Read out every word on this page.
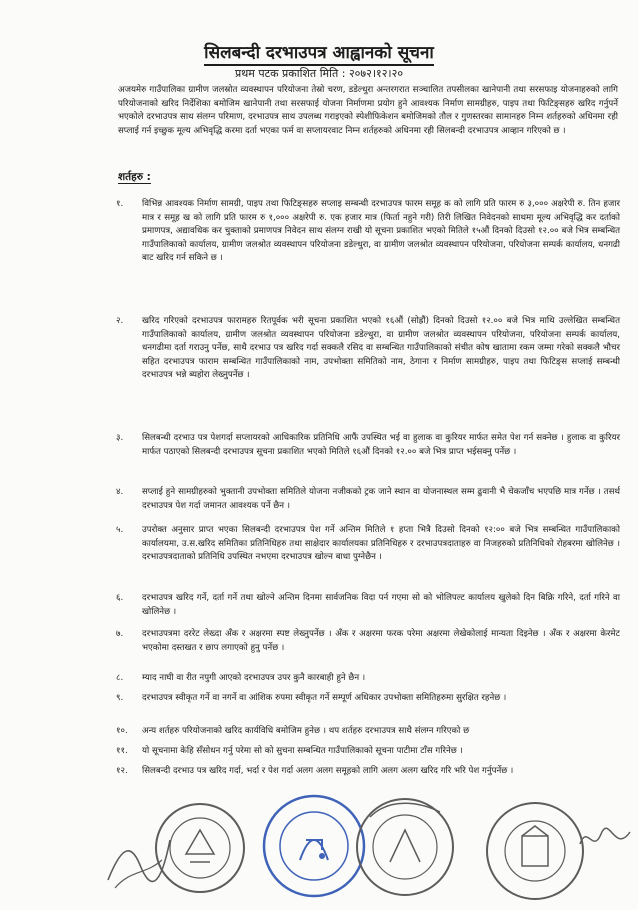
सिलबन्दी दरभाउपत्र आह्वानको सूचना
प्रथम पटक प्रकाशित मिति : २०७२।१२।२०
अजयमेरु गाउँपालिका ग्रामीण जलस्रोत व्यवस्थापन परियोजना तेस्रो चरण, डडेल्धुरा अन्तरगरात सञ्चालित तपसीलका खानेपानी तथा सरसफाइ योजनाहरुको लागि परियोजनाको खरिद निर्देशिका बमोजिम खानेपानी तथा सरसफाई योजना निर्माणमा प्रयोग हुने आवश्यक निर्माण सामग्रीहरु, पाइप तथा फिटिङ्सहरु खरिद गर्नुपर्ने भएकोले दरभाउपत्र साथ संलग्न परिमाण, दरभाउपत्र साथ उपलब्ध गराइएको स्पेशीफिकेशन बमोजिमको तौल र गुणस्तरका सामानहरु निम्न शर्तहरुको अधिनमा रही सप्लाई गर्न इच्छुक मूल्य अभिवृद्धि करमा दर्ता भएका फर्म वा सप्लायरवाट निम्न शर्तहरुको अधिनमा रही सिलबन्दी दरभाउपत्र आव्हान गरिएको छ ।
शर्तहरु :
१.	विभिन्न आवश्यक निर्माण सामग्री, पाइप तथा फिटिङ्सहरु सप्लाइ सम्बन्धी दरभाउपत्र फारम समूह क को लागि प्रति फारम रु ३,००० अक्षरेपी रु. तिन हजार मात्र र समूह ख को लागि प्रति फारम रु १,००० अक्षरेपी रु. एक हजार मात्र (फिर्ता नहुने गरी) तिरी लिखित निवेदनको साथमा मूल्य अभिवृद्धि कर दर्ताको प्रमाणपत्र, अद्यावधिक कर चुक्ताको प्रमाणपत्र निवेदन साथ संलग्न राखी यो सूचना प्रकाशित भएको मितिले १५औं दिनको दिउसो १२.०० बजे भित्र सम्बन्धित गाउँपालिकाको कार्यालय, ग्रामीण जलश्रोत व्यवस्थापन परियोजना डडेल्धुरा, वा ग्रामीण जलश्रोत व्यवस्थापन परियोजना, परियोजना सम्पर्क कार्यालय, धनगढी बाट खरिद गर्न सकिने छ ।
२.	खरिद गरिएको दरभाउपत्र फारामहरु रितपूर्वक भरी सूचना प्रकाशित भएको १६औं (सोह्रौं) दिनको दिउसो १२.०० बजे भित्र माथि उल्लेखित सम्बन्धित गाउँपालिकाको कार्यालय, ग्रामीण जलश्रोत व्यवस्थापन परियोजना डडेल्धुरा, वा ग्रामीण जलश्रोत व्यवस्थापन परियोजना, परियोजना सम्पर्क कार्यालय, धनगढीमा दर्ता गराउनु पर्नेछ, साथै दरभाउ पत्र खरिद गर्दा सक्कलै रसिद वा सम्बन्धित गाउँपालिकाको संचीत कोष खातामा रकम जम्मा गरेको सक्कलै भौचर सहित दरभाउपत्र फाराम सम्बन्धित गाउँपालिकाको नाम, उपभोक्ता समितिको नाम, ठेगाना र निर्माण सामग्रीहरु, पाइप तथा फिटिङ्स सप्लाई सम्बन्धी दरभाउपत्र भन्ने ब्यहोरा लेख्नुपर्नेछ ।
३.	सिलबन्धी दरभाउ पत्र पेशगर्दा सप्लायरको आधिकारिक प्रतिनिधि आफैं उपस्थित भई वा हुलाक वा कुरियर मार्फत समेत पेश गर्न सक्नेछ । हुलाक वा कुरियर मार्फत पठाएको सिलबन्दी दरभाउपत्र सूचना प्रकाशित भएको मितिले १६औं दिनको १२.०० बजे भित्र प्राप्त भईसक्नु पर्नेछ ।
४.	सप्लाई हुने सामग्रीहरुको भुक्तानी उपभोक्ता समितिले योजना नजीकको ट्रक जाने स्थान वा योजनास्थल सम्म ढुवानी भै चेकजाँच भएपछि मात्र गर्नेछ । तसर्थ दरभाउपत्र पेश गर्दा जमानत आवश्यक पर्ने छैन ।
५.	उपरोक्त अनुसार प्राप्त भएका सिलबन्दी दरभाउपत्र पेश गर्ने अन्तिम मितिले १ हप्ता भित्रै दिउसो दिनको १२:०० बजे भित्र सम्बन्धित गाउँपालिकाको कार्यालयमा, उ.स.खरिद समितिका प्रतिनिधिहरु तथा साक्षेदार कार्यालयका प्रतिनिधिहरु र दरभाउपत्रदाताहरु वा निजहरुको प्रतिनिधिको रोहबरमा खोलिनेछ । दरभाउपत्रदाताको प्रतिनिधि उपस्थित नभएमा दरभाउपत्र खोल्न बाधा पुग्नेछैन ।
६.	दरभाउपत्र खरिद गर्ने, दर्ता गर्ने तथा खोल्ने अन्तिम दिनमा सार्वजनिक विदा पर्न गएमा सो को भोलिपल्ट कार्यालय खुलेको दिन बिक्रि गरिने, दर्ता गरिने वा खोलिनेछ ।
७.	दरभाउपत्रमा दररेट लेख्दा अँक र अक्षरमा स्पष्ट लेख्नुपर्नेछ । अँक र अक्षरमा फरक परेमा अक्षरमा लेखेकोलाई मान्यता दिइनेछ । अँक र अक्षरमा केरमेट भएकोमा दस्तखत र छाप लगाएको हुनु पर्नेछ ।
८.	म्याद नाघी वा रीत नपुगी आएको दरभाउपत्र उपर कुनै कारबाही हुने छैन ।
९.	दरभाउपत्र स्वीकृत गर्ने वा नगर्ने वा आंशिक रुपमा स्वीकृत गर्ने सम्पूर्ण अधिकार उपभोक्ता समितिहरुमा सुरक्षित रहनेछ ।
१०.	अन्य शर्तहरु परियोजनाको खरिद कार्यविधि बमोजिम हुनेछ । थप शर्तहरु दरभाउपत्र साथै संलग्न गरिएको छ
११.	यो सूचनामा केहि सँसोधन गर्नु परेमा सो को सुचना सम्बन्धित गाउँपालिकाको सूचना पाटीमा टाँस गरिनेछ ।
१२.	सिलबन्दी दरभाउ पत्र खरिद गर्दा, भर्दा र पेश गर्दा अलग अलग समूहको लागि अलग अलग खरिद गरि भरि पेश गर्नुपर्नेछ ।
